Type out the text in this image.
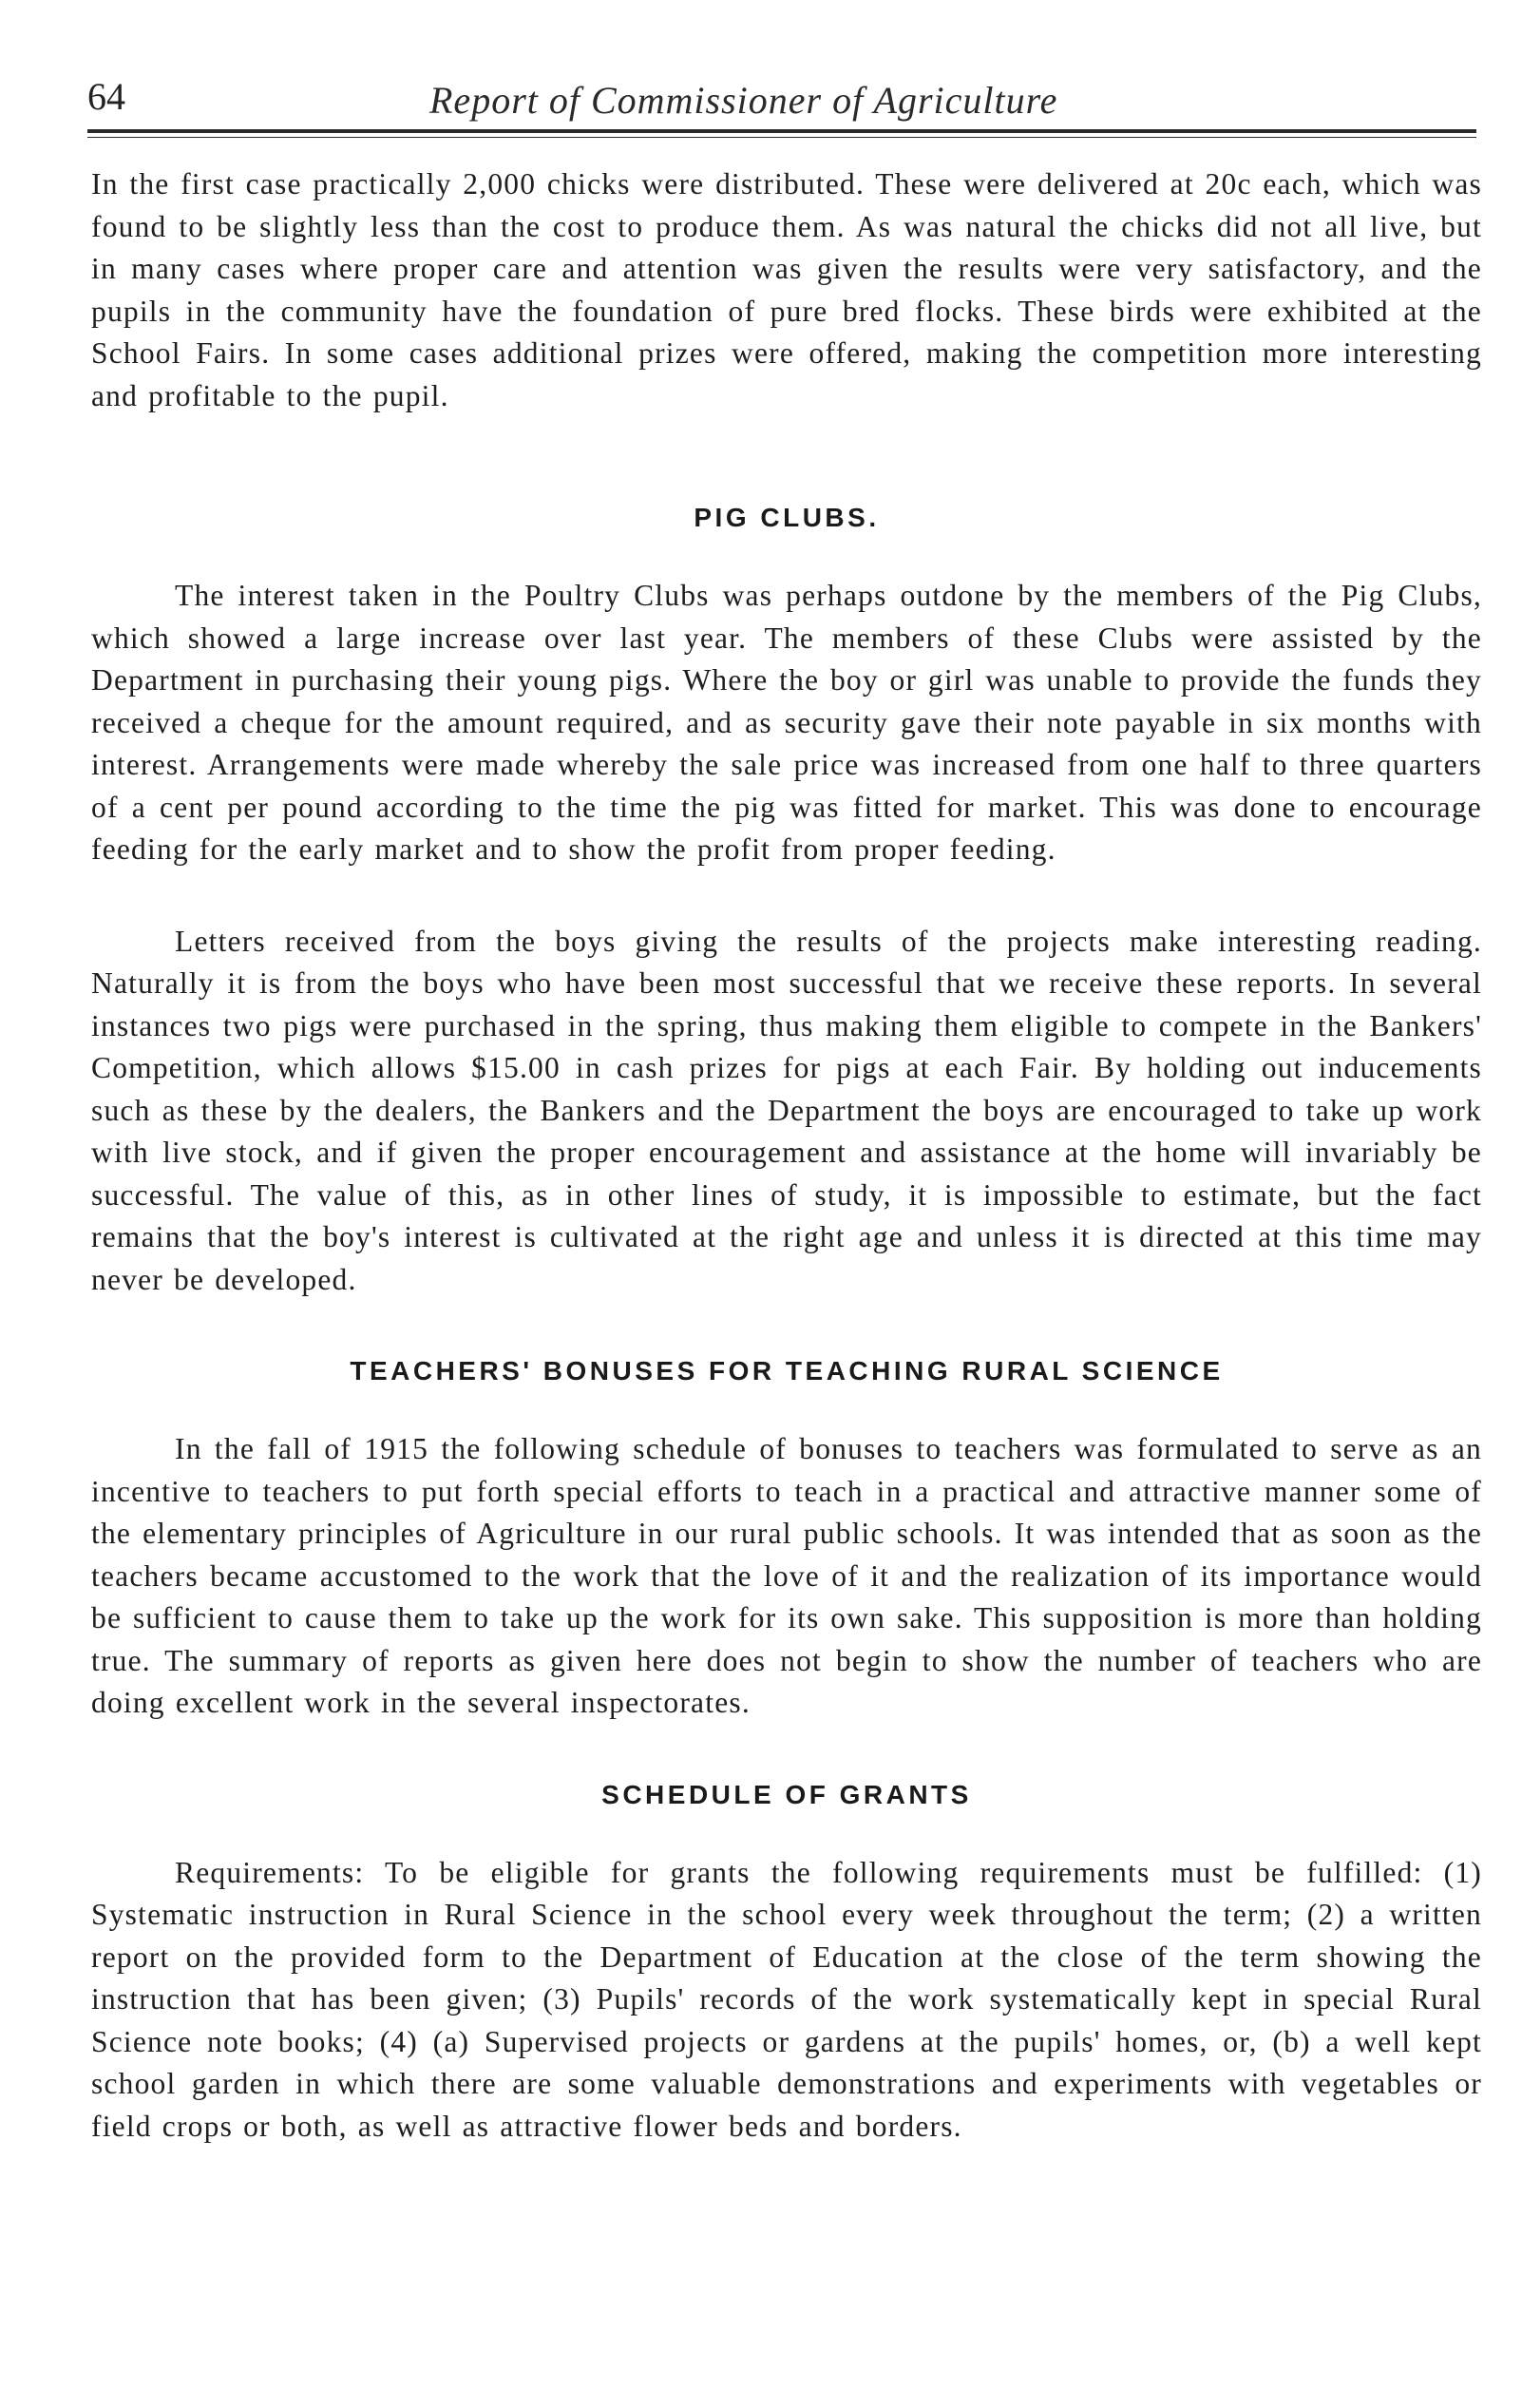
64	Report of Commissioner of Agriculture

In the first case practically 2,000 chicks were distributed. These were delivered at 20c each, which was found to be slightly less than the cost to produce them. As was natural the chicks did not all live, but in many cases where proper care and attention was given the results were very satisfactory, and the pupils in the community have the foundation of pure bred flocks. These birds were exhibited at the School Fairs. In some cases additional prizes were offered, making the competition more interesting and profitable to the pupil.

PIG CLUBS.

The interest taken in the Poultry Clubs was perhaps outdone by the members of the Pig Clubs, which showed a large increase over last year. The members of these Clubs were assisted by the Department in purchasing their young pigs. Where the boy or girl was unable to provide the funds they received a cheque for the amount required, and as security gave their note payable in six months with interest. Arrangements were made whereby the sale price was increased from one half to three quarters of a cent per pound according to the time the pig was fitted for market. This was done to encourage feeding for the early market and to show the profit from proper feeding.

Letters received from the boys giving the results of the projects make interesting reading. Naturally it is from the boys who have been most successful that we receive these reports. In several instances two pigs were purchased in the spring, thus making them eligible to compete in the Bankers' Competition, which allows $15.00 in cash prizes for pigs at each Fair. By holding out inducements such as these by the dealers, the Bankers and the Department the boys are encouraged to take up work with live stock, and if given the proper encouragement and assistance at the home will invariably be successful. The value of this, as in other lines of study, it is impossible to estimate, but the fact remains that the boy's interest is cultivated at the right age and unless it is directed at this time may never be developed.

TEACHERS' BONUSES FOR TEACHING RURAL SCIENCE

In the fall of 1915 the following schedule of bonuses to teachers was formulated to serve as an incentive to teachers to put forth special efforts to teach in a practical and attractive manner some of the elementary principles of Agriculture in our rural public schools. It was intended that as soon as the teachers became accustomed to the work that the love of it and the realization of its importance would be sufficient to cause them to take up the work for its own sake. This supposition is more than holding true. The summary of reports as given here does not begin to show the number of teachers who are doing excellent work in the several inspectorates.

SCHEDULE OF GRANTS

Requirements: To be eligible for grants the following requirements must be fulfilled: (1) Systematic instruction in Rural Science in the school every week throughout the term; (2) a written report on the provided form to the Department of Education at the close of the term showing the instruction that has been given; (3) Pupils' records of the work systematically kept in special Rural Science note books; (4) (a) Supervised projects or gardens at the pupils' homes, or, (b) a well kept school garden in which there are some valuable demonstrations and experiments with vegetables or field crops or both, as well as attractive flower beds and borders.
